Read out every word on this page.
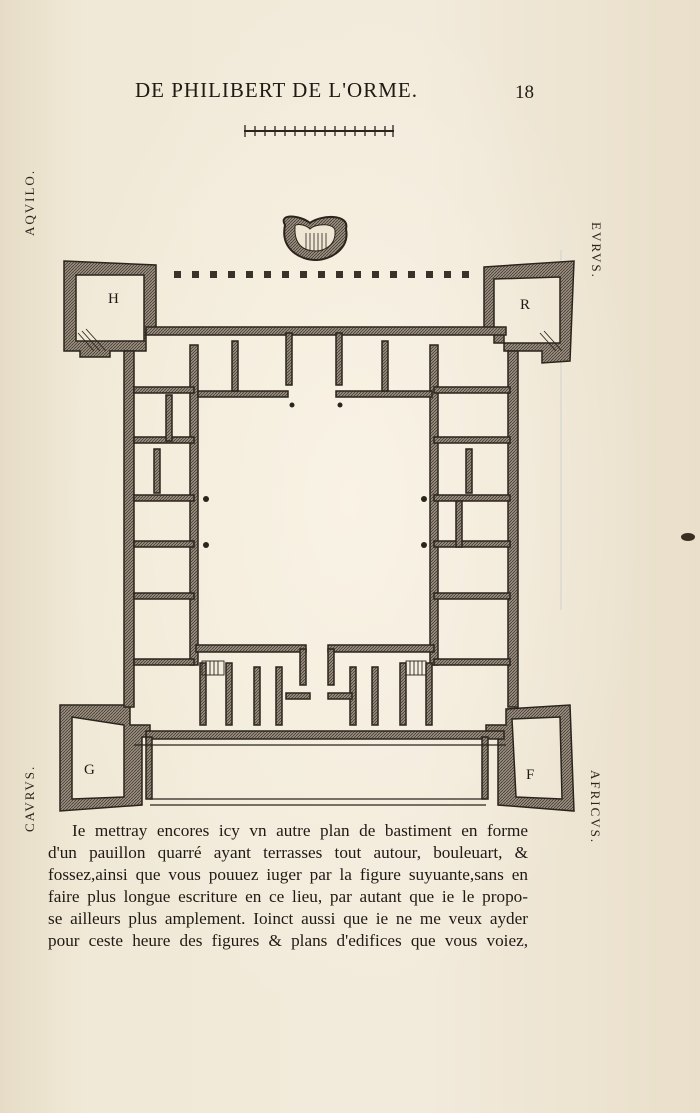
DE PHILIBERT DE L'ORME.	18
AQVILO.
EVRVS.
CAVRVS.	AFRICVS.
H	R
G	F
Ie mettray encores icy vn autre plan de bastiment en forme
d'un pauillon quarré ayant terrasses tout autour, bouleuart, &
fossez,ainsi que vous pouuez iuger par la figure suyuante,sans en
faire plus longue escriture en ce lieu, par autant que ie le propo-
se ailleurs plus amplement. Ioinct aussi que ie ne me veux ayder
pour ceste heure des figures & plans d'edifices que vous voiez,
